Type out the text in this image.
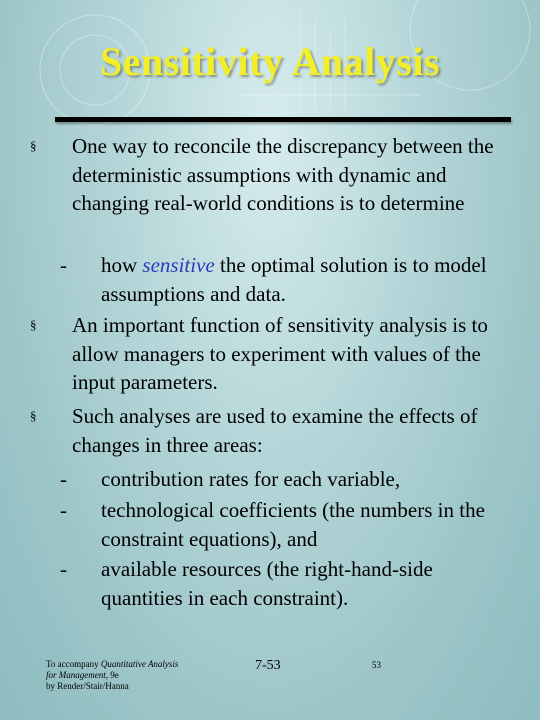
Sensitivity Analysis
§ One way to reconcile the discrepancy between the deterministic assumptions with dynamic and changing real-world conditions is to determine
- how sensitive the optimal solution is to model assumptions and data.
§ An important function of sensitivity analysis is to allow managers to experiment with values of the input parameters.
§ Such analyses are used to examine the effects of changes in three areas:
- contribution rates for each variable,
- technological coefficients (the numbers in the constraint equations), and
- available resources (the right-hand-side quantities in each constraint).
To accompany Quantitative Analysis
for Management, 9e
by Render/Stair/Hanna
7-53	53
